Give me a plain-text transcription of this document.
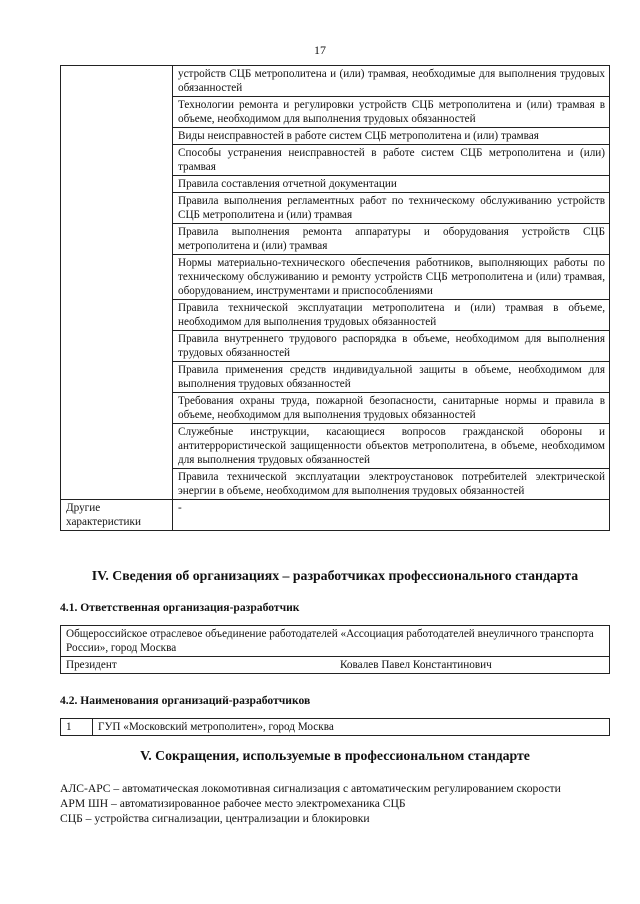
17
	устройств СЦБ метрополитена и (или) трамвая, необходимые для выполнения трудовых обязанностей
	Технологии ремонта и регулировки устройств СЦБ метрополитена и (или) трамвая в объеме, необходимом для выполнения трудовых обязанностей
	Виды неисправностей в работе систем СЦБ метрополитена и (или) трамвая
	Способы устранения неисправностей в работе систем СЦБ метрополитена и (или) трамвая
	Правила составления отчетной документации
	Правила выполнения регламентных работ по техническому обслуживанию устройств СЦБ метрополитена и (или) трамвая
	Правила выполнения ремонта аппаратуры и оборудования устройств СЦБ метрополитена и (или) трамвая
	Нормы материально-технического обеспечения работников, выполняющих работы по техническому обслуживанию и ремонту устройств СЦБ метрополитена и (или) трамвая, оборудованием, инструментами и приспособлениями
	Правила технической эксплуатации метрополитена и (или) трамвая в объеме, необходимом для выполнения трудовых обязанностей
	Правила внутреннего трудового распорядка в объеме, необходимом для выполнения трудовых обязанностей
	Правила применения средств индивидуальной защиты в объеме, необходимом для выполнения трудовых обязанностей
	Требования охраны труда, пожарной безопасности, санитарные нормы и правила в объеме, необходимом для выполнения трудовых обязанностей
	Служебные инструкции, касающиеся вопросов гражданской обороны и антитеррористической защищенности объектов метрополитена, в объеме, необходимом для выполнения трудовых обязанностей
	Правила технической эксплуатации электроустановок потребителей электрической энергии в объеме, необходимом для выполнения трудовых обязанностей
Другие характеристики	-
IV. Сведения об организациях – разработчиках профессионального стандарта
4.1. Ответственная организация-разработчик
Общероссийское отраслевое объединение работодателей «Ассоциация работодателей внеуличного транспорта России», город Москва
Президент	Ковалев Павел Константинович
4.2. Наименования организаций-разработчиков
1	ГУП «Московский метрополитен», город Москва
V. Сокращения, используемые в профессиональном стандарте
АЛС-АРС – автоматическая локомотивная сигнализация с автоматическим регулированием скорости
АРМ ШН – автоматизированное рабочее место электромеханика СЦБ
СЦБ – устройства сигнализации, централизации и блокировки
